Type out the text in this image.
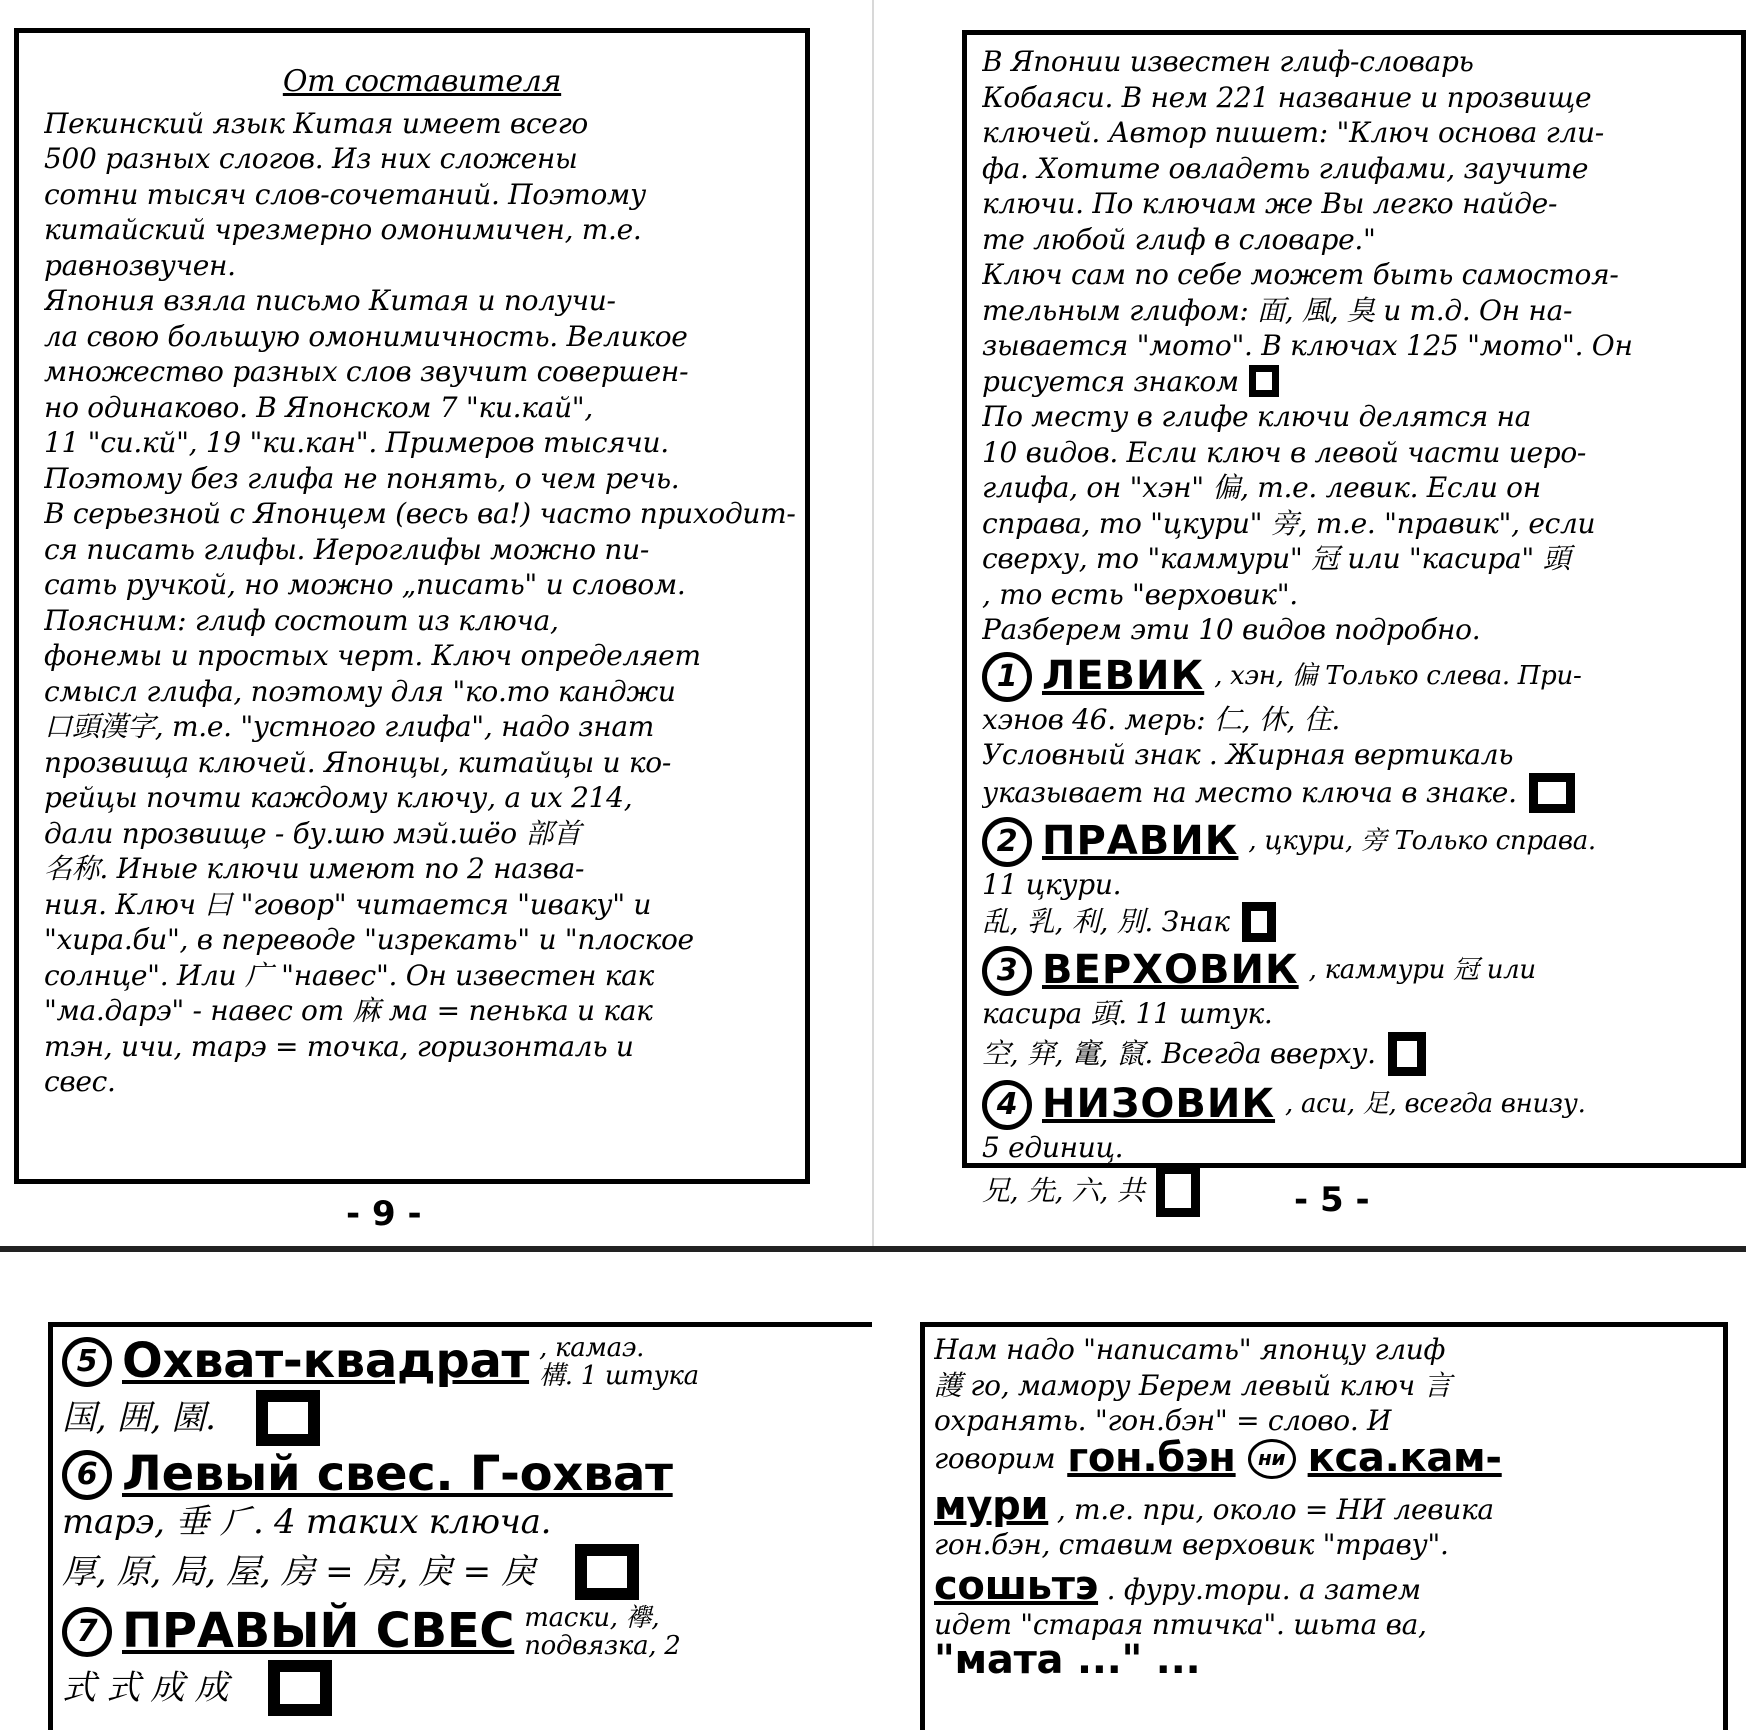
От составителя
Пекинский язык Китая имеет всего
500 разных слогов. Из них сложены
сотни тысяч слов-сочетаний. Поэтому
китайский чрезмерно омонимичен, т.е.
равнозвучен.
Япония взяла письмо Китая и получи-
ла свою большую омонимичность. Великое
множество разных слов звучит совершен-
но одинаково. В Японском 7 "ки.кай",
11 "си.кй", 19 "ки.кан". Примеров тысячи.
Поэтому без глифа не понять, о чем речь.
В серьезной с Японцем (весь ва!) часто приходит-
ся писать глифы. Иероглифы можно пи-
сать ручкой, но можно „писать" и словом.
Поясним: глиф состоит из ключа,
фонемы и простых черт. Ключ определяет
смысл глифа, поэтому для "ко.то канджи
口頭漢字, т.е. "устного глифа", надо знат
прозвища ключей. Японцы, китайцы и ко-
рейцы почти каждому ключу, а их 214,
дали прозвище - бу.шю мэй.шёо 部首
名称. Иные ключи имеют по 2 назва-
ния. Ключ 曰 "говор" читается "иваку" и
"хира.би", в переводе "изрекать" и "плоское
солнце". Или 广 "навес". Он известен как
"ма.дарэ" - навес от 麻 ма = пенька и как
тэн, ичи, тарэ = точка, горизонталь и
свес.
- 9 -
В Японии известен глиф-словарь
Кобаяси. В нем 221 название и прозвище
ключей. Автор пишет: "Ключ основа гли-
фа. Хотите овладеть глифами, заучите
ключи. По ключам же Вы легко найде-
те любой глиф в словаре."
Ключ сам по себе может быть самостоя-
тельным глифом: 面, 風, 臭 и т.д. Он на-
зывается "мото". В ключах 125 "мото". Он
рисуется знаком
По месту в глифе ключи делятся на
10 видов. Если ключ в левой части иеро-
глифа, он "хэн" 偏, т.е. левик. Если он
справа, то "цкури" 旁, т.е. "правик", если
сверху, то "каммури" 冠 или "касира" 頭
, то есть "верховик".
Разберем эти 10 видов подробно.
1 ЛЕВИК , хэн, 偏 Только слева. При-
хэнов 46. мерь: 仁, 休, 住.
Условный знак . Жирная вертикаль
указывает на место ключа в знаке.
2 ПРАВИК , цкури, 旁 Только справа.
11 цкури.
乱, 乳, 利, 別. Знак
3 ВЕРХОВИК , каммури 冠 или
касира 頭. 11 штук.
空, 穽, 竃, 竄. Всегда вверху.
4 НИЗОВИК , аси, 足, всегда внизу.
5 единиц.
兄, 先, 六, 共	- 5 -
5 Охват-квадрат , камаэ.
構. 1 штука
国, 囲, 園.
6 Левый свес. Г-охват
тарэ, 垂 ⺁. 4 таких ключа.
厚, 原, 局, 屋, 房 = 房, 戾 = 戾
7 ПРАВЫЙ СВЕС таски, 襷,
подвязка, 2
式 式 成 成
Нам надо "написать" японцу глиф
護 го, мамору Берем левый ключ 言
охранять. "гон.бэн" = слово. И
говорим гон.бэн	ни кса.кам-
мури , т.е. при, около = НИ левика
гон.бэн, ставим верховик "траву".
сошьтэ . фуру.тори. а затем
идет "старая птичка". шьта ва,
"мата ..." ...
